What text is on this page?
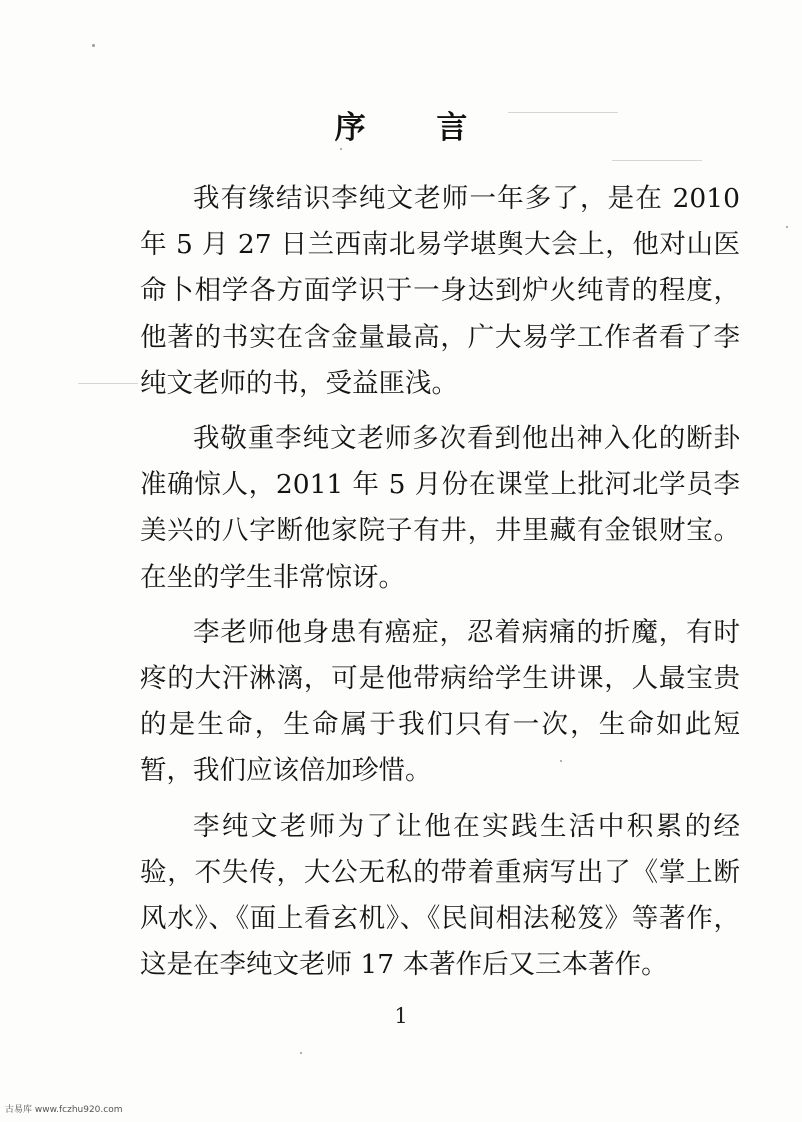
序 言

我有缘结识李纯文老师一年多了，是在 2010 年 5 月 27 日兰西南北易学堪舆大会上，他对山医命卜相学各方面学识于一身达到炉火纯青的程度，他著的书实在含金量最高，广大易学工作者看了李纯文老师的书，受益匪浅。

我敬重李纯文老师多次看到他出神入化的断卦准确惊人，2011 年 5 月份在课堂上批河北学员李美兴的八字断他家院子有井，井里藏有金银财宝。在坐的学生非常惊讶。

李老师他身患有癌症，忍着病痛的折魔，有时疼的大汗淋漓，可是他带病给学生讲课，人最宝贵的是生命，生命属于我们只有一次，生命如此短暂，我们应该倍加珍惜。

李纯文老师为了让他在实践生活中积累的经验，不失传，大公无私的带着重病写出了《掌上断风水》、《面上看玄机》、《民间相法秘笈》等著作，这是在李纯文老师 17 本著作后又三本著作。

1
古易库 www.fczhu920.com
